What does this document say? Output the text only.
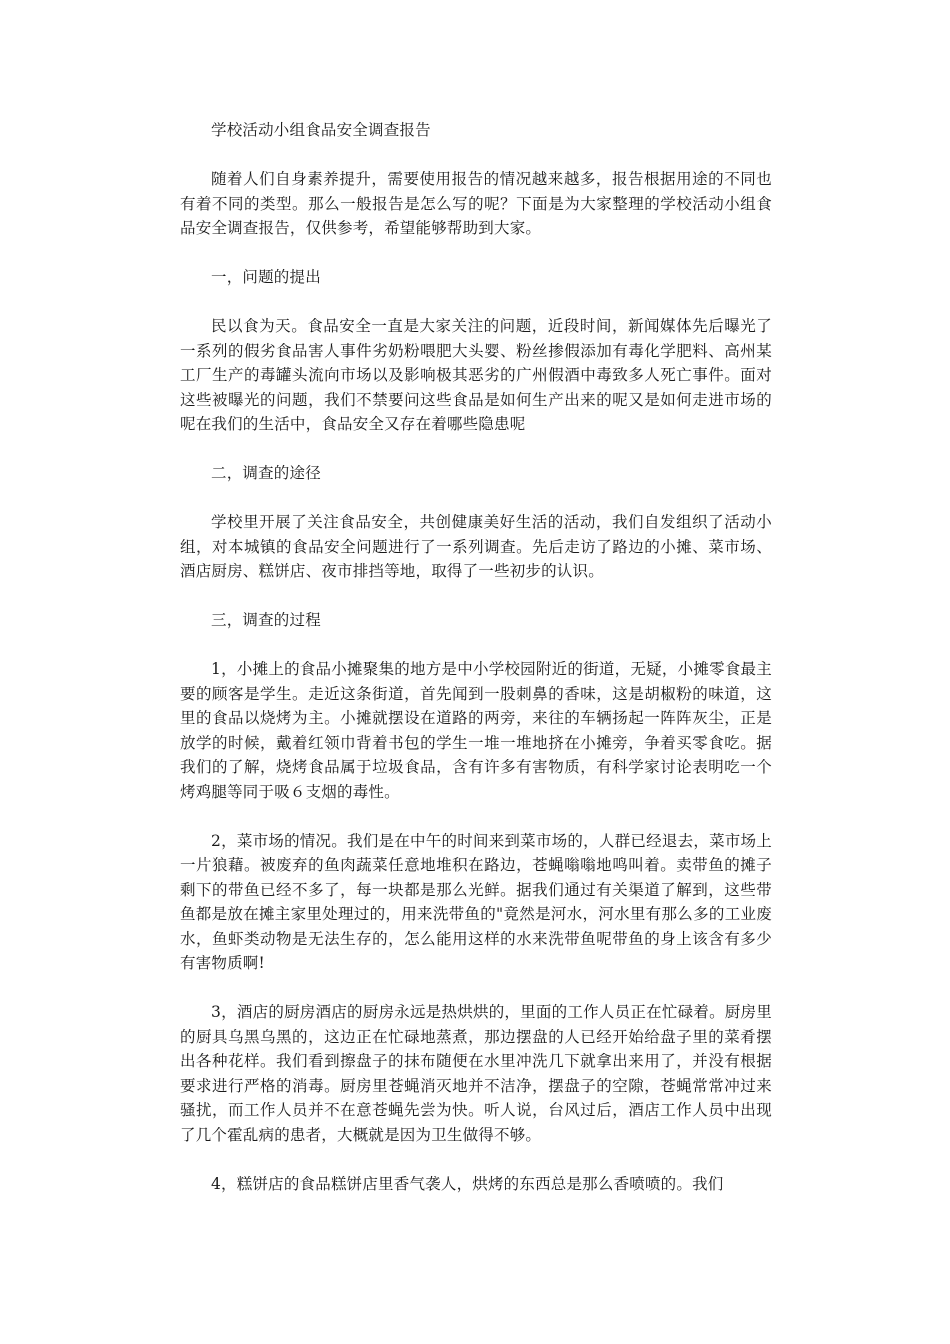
学校活动小组食品安全调查报告

随着人们自身素养提升，需要使用报告的情况越来越多，报告根据用途的不同也有着不同的类型。那么一般报告是怎么写的呢？下面是为大家整理的学校活动小组食品安全调查报告，仅供参考，希望能够帮助到大家。

一，问题的提出

民以食为天。食品安全一直是大家关注的问题，近段时间，新闻媒体先后曝光了一系列的假劣食品害人事件劣奶粉喂肥大头婴、粉丝掺假添加有毒化学肥料、高州某工厂生产的毒罐头流向市场以及影响极其恶劣的广州假酒中毒致多人死亡事件。面对这些被曝光的问题，我们不禁要问这些食品是如何生产出来的呢又是如何走进市场的呢在我们的生活中，食品安全又存在着哪些隐患呢

二，调查的途径

学校里开展了关注食品安全，共创健康美好生活的活动，我们自发组织了活动小组，对本城镇的食品安全问题进行了一系列调查。先后走访了路边的小摊、菜市场、酒店厨房、糕饼店、夜市排挡等地，取得了一些初步的认识。

三，调查的过程

1，小摊上的食品小摊聚集的地方是中小学校园附近的街道，无疑，小摊零食最主要的顾客是学生。走近这条街道，首先闻到一股刺鼻的香味，这是胡椒粉的味道，这里的食品以烧烤为主。小摊就摆设在道路的两旁，来往的车辆扬起一阵阵灰尘，正是放学的时候，戴着红领巾背着书包的学生一堆一堆地挤在小摊旁，争着买零食吃。据我们的了解，烧烤食品属于垃圾食品，含有许多有害物质，有科学家讨论表明吃一个烤鸡腿等同于吸６支烟的毒性。

2，菜市场的情况。我们是在中午的时间来到菜市场的，人群已经退去，菜市场上一片狼藉。被废弃的鱼肉蔬菜任意地堆积在路边，苍蝇嗡嗡地鸣叫着。卖带鱼的摊子剩下的带鱼已经不多了，每一块都是那么光鲜。据我们通过有关渠道了解到，这些带鱼都是放在摊主家里处理过的，用来洗带鱼的"竟然是河水，河水里有那么多的工业废水，鱼虾类动物是无法生存的，怎么能用这样的水来洗带鱼呢带鱼的身上该含有多少有害物质啊!

3，酒店的厨房酒店的厨房永远是热烘烘的，里面的工作人员正在忙碌着。厨房里的厨具乌黑乌黑的，这边正在忙碌地蒸煮，那边摆盘的人已经开始给盘子里的菜肴摆出各种花样。我们看到擦盘子的抹布随便在水里冲洗几下就拿出来用了，并没有根据要求进行严格的消毒。厨房里苍蝇消灭地并不洁净，摆盘子的空隙，苍蝇常常冲过来骚扰，而工作人员并不在意苍蝇先尝为快。听人说，台风过后，酒店工作人员中出现了几个霍乱病的患者，大概就是因为卫生做得不够。

4，糕饼店的食品糕饼店里香气袭人，烘烤的东西总是那么香喷喷的。我们
